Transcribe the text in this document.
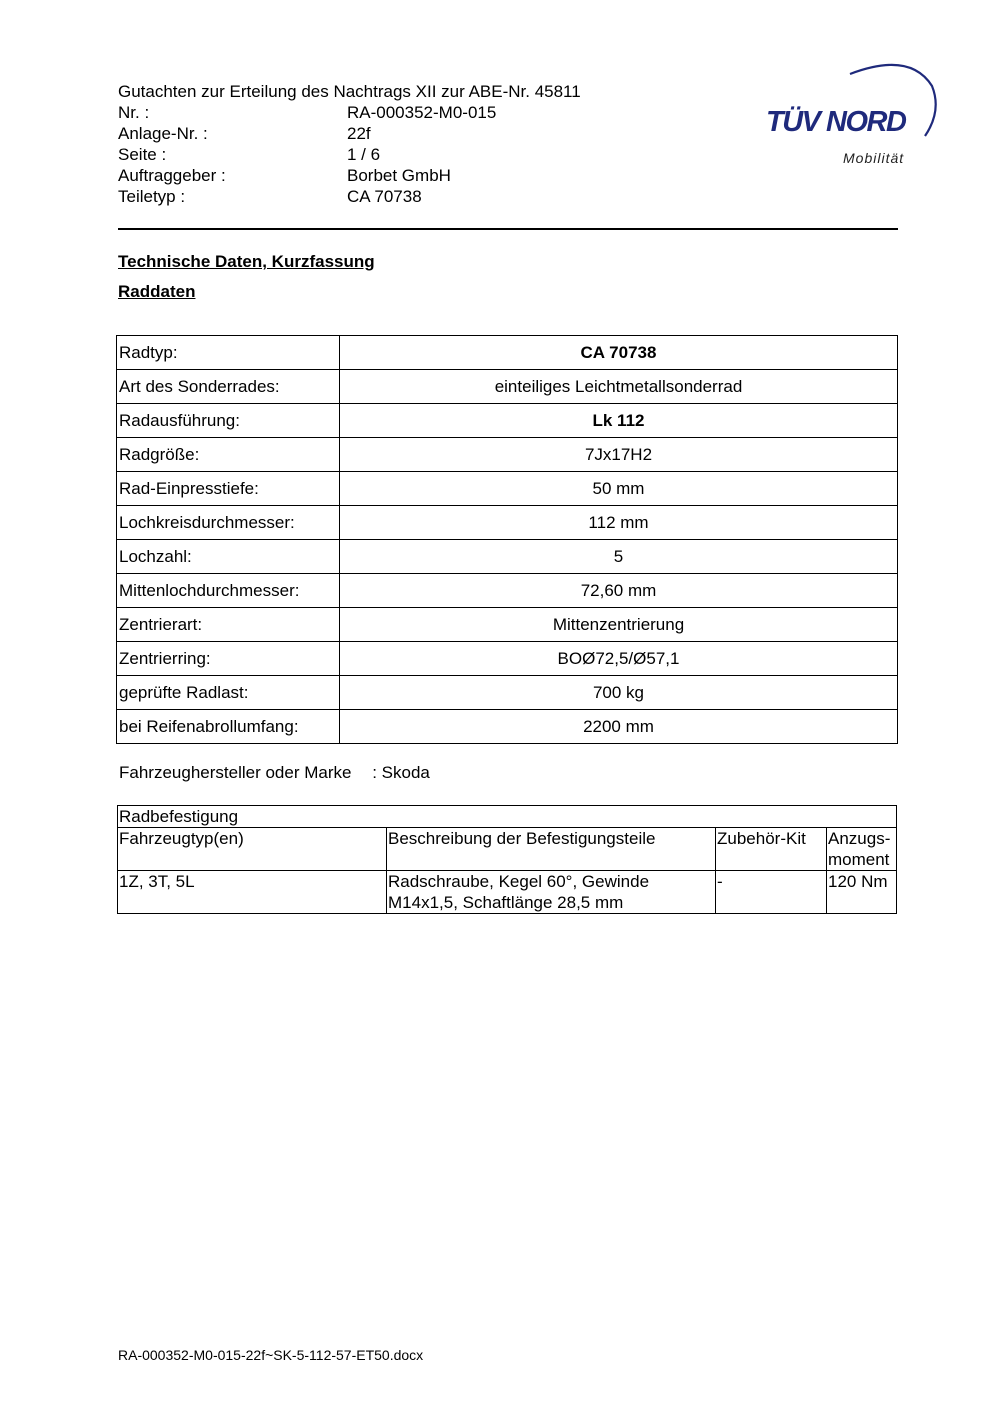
Gutachten zur Erteilung des Nachtrags XII zur ABE-Nr. 45811
Nr. :	RA-000352-M0-015
Anlage-Nr. :	22f
Seite :	1 / 6
Auftraggeber :	Borbet GmbH
Teiletyp :	CA 70738
TÜV NORD
Mobilität
Technische Daten, Kurzfassung
Raddaten
Radtyp:	CA 70738
Art des Sonderrades:	einteiliges Leichtmetallsonderrad
Radausführung:	Lk 112
Radgröße:	7Jx17H2
Rad-Einpresstiefe:	50 mm
Lochkreisdurchmesser:	112 mm
Lochzahl:	5
Mittenlochdurchmesser:	72,60 mm
Zentrierart:	Mittenzentrierung
Zentrierring:	BOØ72,5/Ø57,1
geprüfte Radlast:	700 kg
bei Reifenabrollumfang:	2200 mm
Fahrzeughersteller oder Marke : Skoda
Radbefestigung			
Fahrzeugtyp(en)	Beschreibung der Befestigungsteile	Zubehör-Kit	Anzugs-
moment

1Z, 3T, 5L	Radschraube, Kegel 60°, Gewinde
M14x1,5, Schaftlänge 28,5 mm	-	120 Nm
RA-000352-M0-015-22f~SK-5-112-57-ET50.docx
